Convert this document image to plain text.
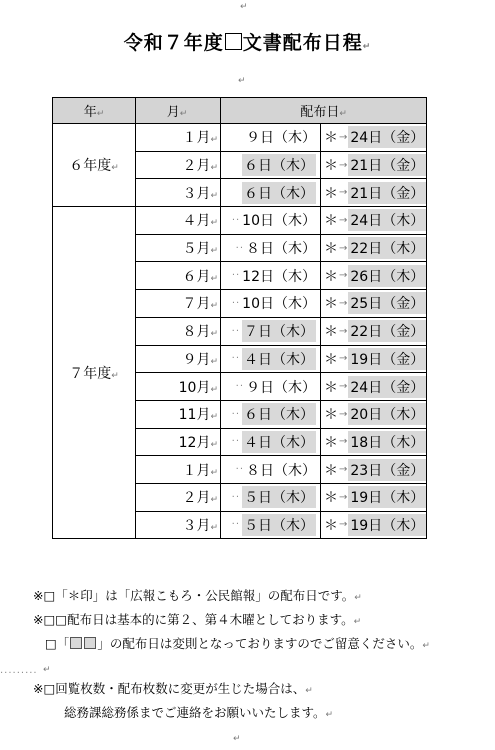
↵
令和７年度 文書配布日程↵
↵
年↵	月↵	配布日↵	
６年度↵	１月↵	９日（木）	＊ → 24日（金）

	２月↵	６日（木）	＊ → 21日（金）

	３月↵	６日（木）	＊ → 21日（金）

７年度↵	４月↵	·· 10日（木）	＊ → 24日（木）

	５月↵	·· ８日（木）	＊ → 22日（木）

	６月↵	·· 12日（木）	＊ → 26日（木）

	７月↵	·· 10日（木）	＊ → 25日（金）

	８月↵	·· ７日（木）	＊ → 22日（金）

	９月↵	·· ４日（木）	＊ → 19日（金）

	10月↵	·· ９日（木）	＊ → 24日（金）

	11月↵	·· ６日（木）	＊ → 20日（木）

	12月↵	·· ４日（木）	＊ → 18日（木）

	１月↵	·· ８日（木）	＊ → 23日（金）

	２月↵	·· ５日（木）	＊ → 19日（木）

	３月↵	·· ５日（木）	＊ → 19日（木）
※□「＊印」は「広報こもろ・公民館報」の配布日です。↵
※□□配布日は基本的に第２、第４木曜としております。↵
□「 」の配布日は変則となっておりますのでご留意ください。↵
↵
※□回覧枚数・配布枚数に変更が生じた場合は、↵
総務課総務係までご連絡をお願いいたします。↵
↵
·········
